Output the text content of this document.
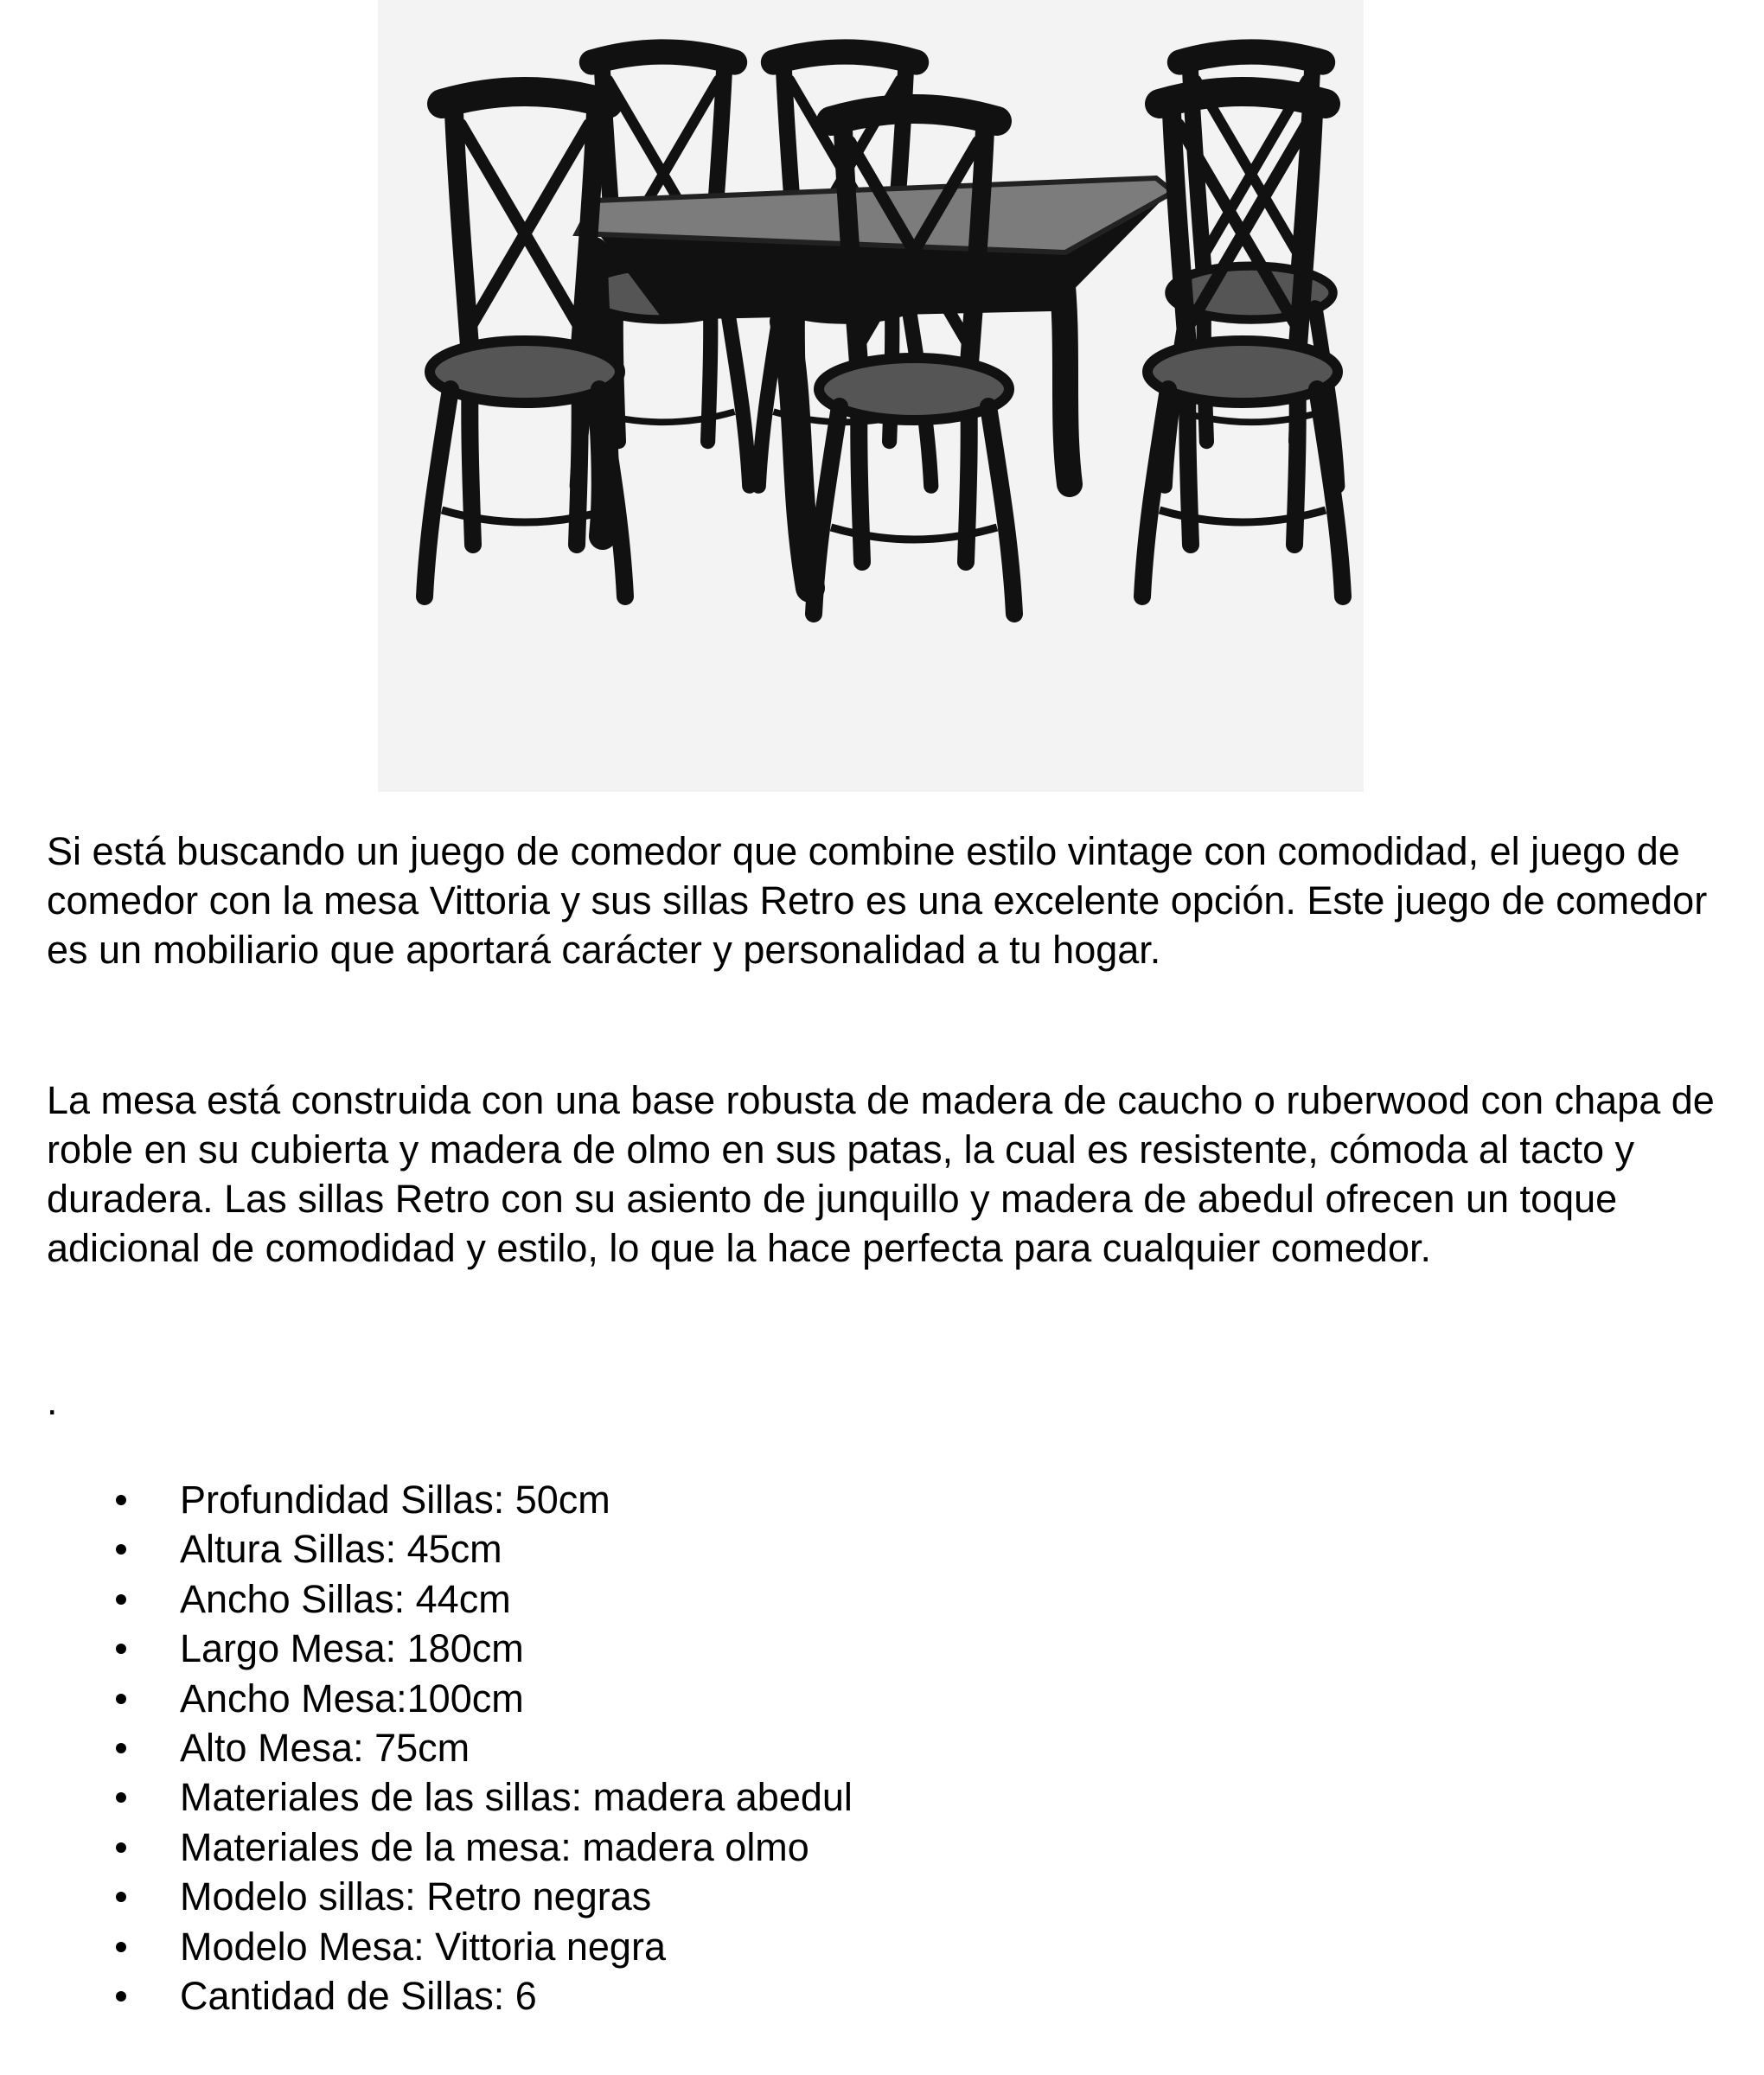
Si está buscando un juego de comedor que combine estilo vintage con comodidad, el juego de comedor con la mesa Vittoria y sus sillas Retro es una excelente opción. Este juego de comedor es un mobiliario que aportará carácter y personalidad a tu hogar.

La mesa está construida con una base robusta de madera de caucho o ruberwood con chapa de roble en su cubierta y madera de olmo en sus patas, la cual es resistente, cómoda al tacto y duradera. Las sillas Retro con su asiento de junquillo y madera de abedul ofrecen un toque adicional de comodidad y estilo, lo que la hace perfecta para cualquier comedor.

.

Profundidad Sillas: 50cm
Altura Sillas: 45cm
Ancho Sillas: 44cm
Largo Mesa: 180cm
Ancho Mesa:100cm
Alto Mesa: 75cm
Materiales de las sillas: madera abedul
Materiales de la mesa: madera olmo
Modelo sillas: Retro negras
Modelo Mesa: Vittoria negra
Cantidad de Sillas: 6
